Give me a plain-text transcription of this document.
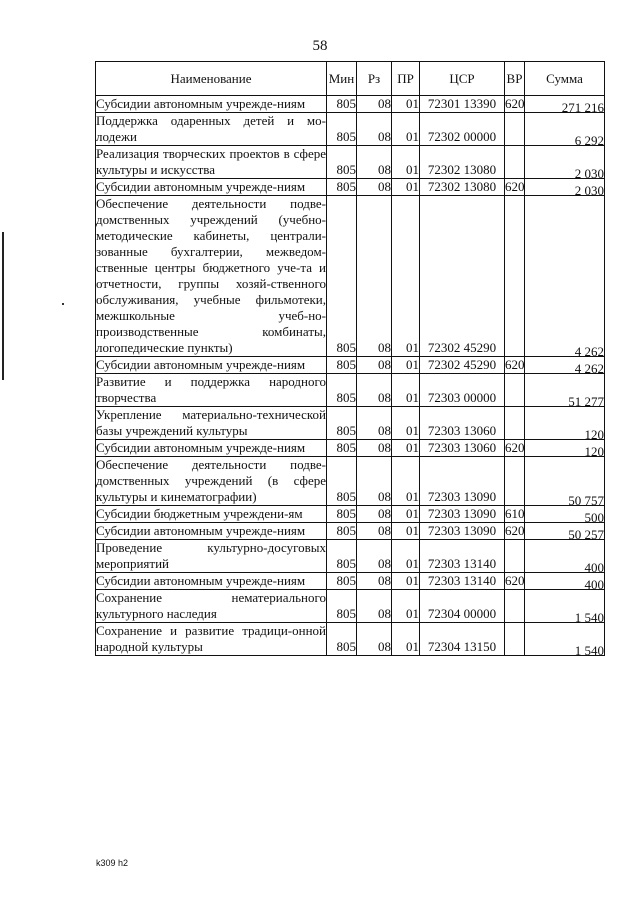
58
Наименование	Мин	Рз	ПР	ЦСР	ВР	Сумма
Субсидии автономным учрежде-ниям	805	08	01	72301 13390	620	271 216
Поддержка одаренных детей и мо-лодежи	805	08	01	72302 00000		6 292
Реализация творческих проектов в сфере культуры и искусства	805	08	01	72302 13080		2 030
Субсидии автономным учрежде-ниям	805	08	01	72302 13080	620	2 030
Обеспечение деятельности подве-домственных учреждений (учебно-методические кабинеты, централи-зованные бухгалтерии, межведом-ственные центры бюджетного уче-та и отчетности, группы хозяй-ственного обслуживания, учебные фильмотеки, межшкольные учеб-но-производственные комбинаты, логопедические пункты)	805	08	01	72302 45290		4 262
Субсидии автономным учрежде-ниям	805	08	01	72302 45290	620	4 262
Развитие и поддержка народного творчества	805	08	01	72303 00000		51 277
Укрепление материально-технической базы учреждений культуры	805	08	01	72303 13060		120
Субсидии автономным учрежде-ниям	805	08	01	72303 13060	620	120
Обеспечение деятельности подве-домственных учреждений (в сфере культуры и кинематографии)	805	08	01	72303 13090		50 757
Субсидии бюджетным учреждени-ям	805	08	01	72303 13090	610	500
Субсидии автономным учрежде-ниям	805	08	01	72303 13090	620	50 257
Проведение культурно-досуговых мероприятий	805	08	01	72303 13140		400
Субсидии автономным учрежде-ниям	805	08	01	72303 13140	620	400
Сохранение нематериального культурного наследия	805	08	01	72304 00000		1 540
Сохранение и развитие традици-онной народной культуры	805	08	01	72304 13150		1 540
k309 h2
